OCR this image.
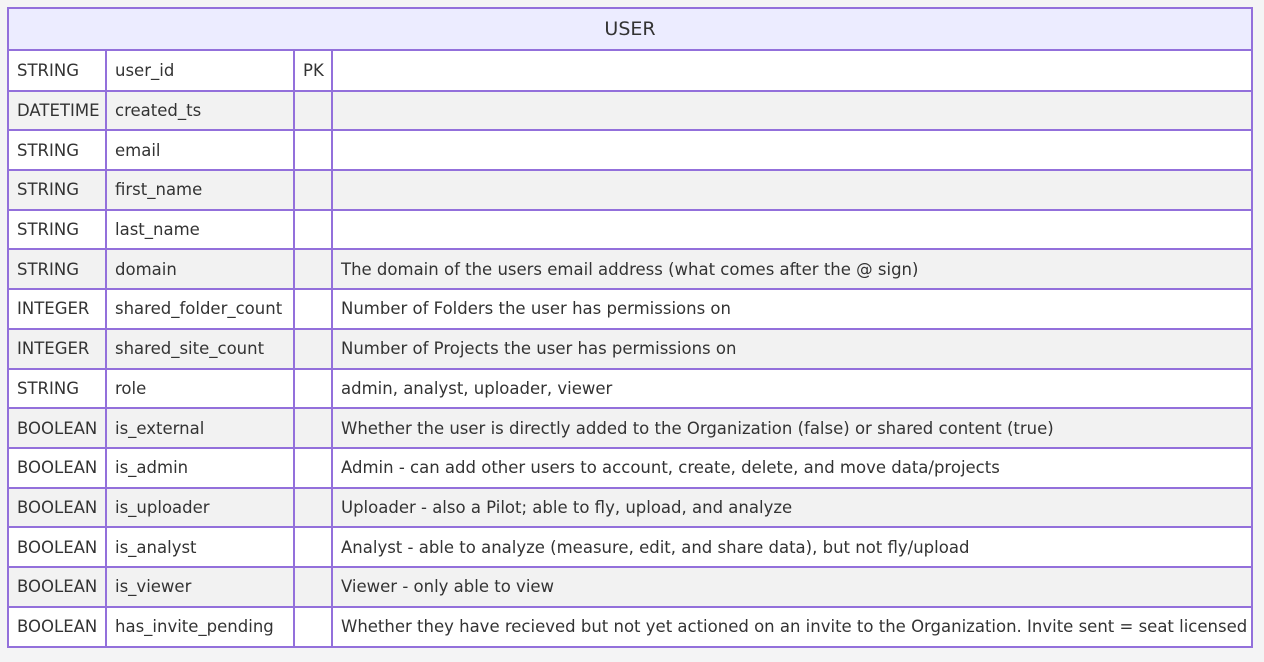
USER
STRING	user_id	PK	
DATETIME	created_ts		
STRING	email		
STRING	first_name		
STRING	last_name		
STRING	domain		The domain of the users email address (what comes after the @ sign)
INTEGER	shared_folder_count		Number of Folders the user has permissions on
INTEGER	shared_site_count		Number of Projects the user has permissions on
STRING	role		admin, analyst, uploader, viewer
BOOLEAN	is_external		Whether the user is directly added to the Organization (false) or shared content (true)
BOOLEAN	is_admin		Admin - can add other users to account, create, delete, and move data/projects
BOOLEAN	is_uploader		Uploader - also a Pilot; able to fly, upload, and analyze
BOOLEAN	is_analyst		Analyst - able to analyze (measure, edit, and share data), but not fly/upload
BOOLEAN	is_viewer		Viewer - only able to view
BOOLEAN	has_invite_pending		Whether they have recieved but not yet actioned on an invite to the Organization. Invite sent = seat licensed
